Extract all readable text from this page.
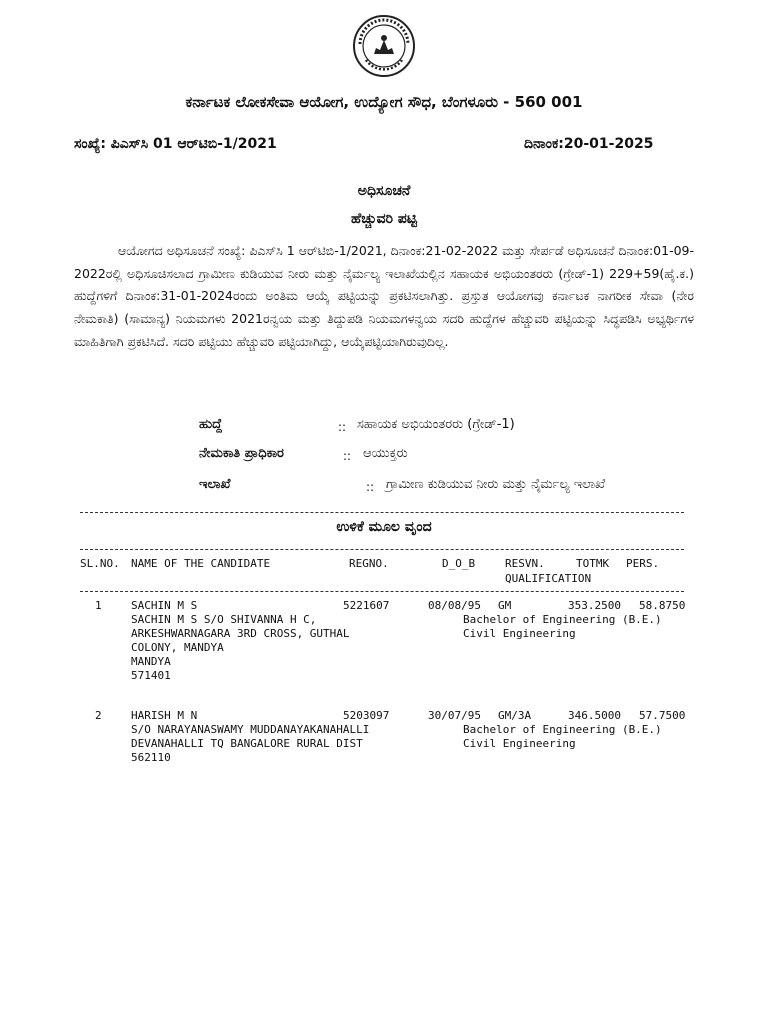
ಕರ್ನಾಟಕ ಲೋಕಸೇವಾ ಆಯೋಗ, ಉದ್ಯೋಗ ಸೌಧ, ಬೆಂಗಳೂರು - 560 001
ಸಂಖ್ಯೆ: ಪಿಎಸ್‌ಸಿ 01 ಆರ್‌ಟಿಬಿ-1/2021	ದಿನಾಂಕ:20-01-2025
ಅಧಿಸೂಚನೆ
ಹೆಚ್ಚುವರಿ ಪಟ್ಟಿ

ಆಯೋಗದ ಅಧಿಸೂಚನೆ ಸಂಖ್ಯೆ: ಪಿಎಸ್‌ಸಿ 1 ಆರ್‌ಟಿಬಿ-1/2021, ದಿನಾಂಕ:21-02-2022 ಮತ್ತು ಸೇರ್ಪಡೆ ಅಧಿಸೂಚನೆ ದಿನಾಂಕ:01-09-2022ರಲ್ಲಿ ಅಧಿಸೂಚಿಸಲಾದ ಗ್ರಾಮೀಣ ಕುಡಿಯುವ ನೀರು ಮತ್ತು ನೈರ್ಮಲ್ಯ ಇಲಾಖೆಯಲ್ಲಿನ ಸಹಾಯಕ ಅಭಿಯಂತರರು (ಗ್ರೇಡ್-1) 229+59(ಹೈ.ಕ.) ಹುದ್ದೆಗಳಿಗೆ ದಿನಾಂಕ:31-01-2024ರಂದು ಅಂತಿಮ ಆಯ್ಕೆ ಪಟ್ಟಿಯನ್ನು ಪ್ರಕಟಿಸಲಾಗಿತ್ತು. ಪ್ರಸ್ತುತ ಆಯೋಗವು ಕರ್ನಾಟಕ ನಾಗರೀಕ ಸೇವಾ (ನೇರ ನೇಮಕಾತಿ) (ಸಾಮಾನ್ಯ) ನಿಯಮಗಳು 2021ರನ್ವಯ ಮತ್ತು ತಿದ್ದುಪಡಿ ನಿಯಮಗಳನ್ವಯ ಸದರಿ ಹುದ್ದೆಗಳ ಹೆಚ್ಚುವರಿ ಪಟ್ಟಿಯನ್ನು ಸಿದ್ಧಪಡಿಸಿ ಅಭ್ಯರ್ಥಿಗಳ ಮಾಹಿತಿಗಾಗಿ ಪ್ರಕಟಿಸಿದೆ. ಸದರಿ ಪಟ್ಟಿಯು ಹೆಚ್ಚುವರಿ ಪಟ್ಟಿಯಾಗಿದ್ದು, ಆಯ್ಕೆಪಟ್ಟಿಯಾಗಿರುವುದಿಲ್ಲ.

ಹುದ್ದೆ	:: ಸಹಾಯಕ ಅಭಿಯಂತರರು (ಗ್ರೇಡ್-1)
ನೇಮಕಾತಿ ಪ್ರಾಧಿಕಾರ	:: ಆಯುಕ್ತರು
ಇಲಾಖೆ	:: ಗ್ರಾಮೀಣ ಕುಡಿಯುವ ನೀರು ಮತ್ತು ನೈರ್ಮಲ್ಯ ಇಲಾಖೆ
ಉಳಿಕೆ ಮೂಲ ವೃಂದ
SL.NO. NAME OF THE CANDIDATE	REGNO.	D_O_B	RESVN.	TOTMK PERS.
QUALIFICATION
1	SACHIN M S	5221607	08/08/95 GM	353.2500 58.8750
SACHIN M S S/O SHIVANNA H C,
ARKESHWARNAGARA 3RD CROSS, GUTHAL
COLONY, MANDYA
MANDYA
571401
Bachelor of Engineering (B.E.)
Civil Engineering
2	HARISH M N	5203097	30/07/95 GM/3A	346.5000 57.7500
S/O NARAYANASWAMY MUDDANAYAKANAHALLI
DEVANAHALLI TQ BANGALORE RURAL DIST
562110
Bachelor of Engineering (B.E.)
Civil Engineering
